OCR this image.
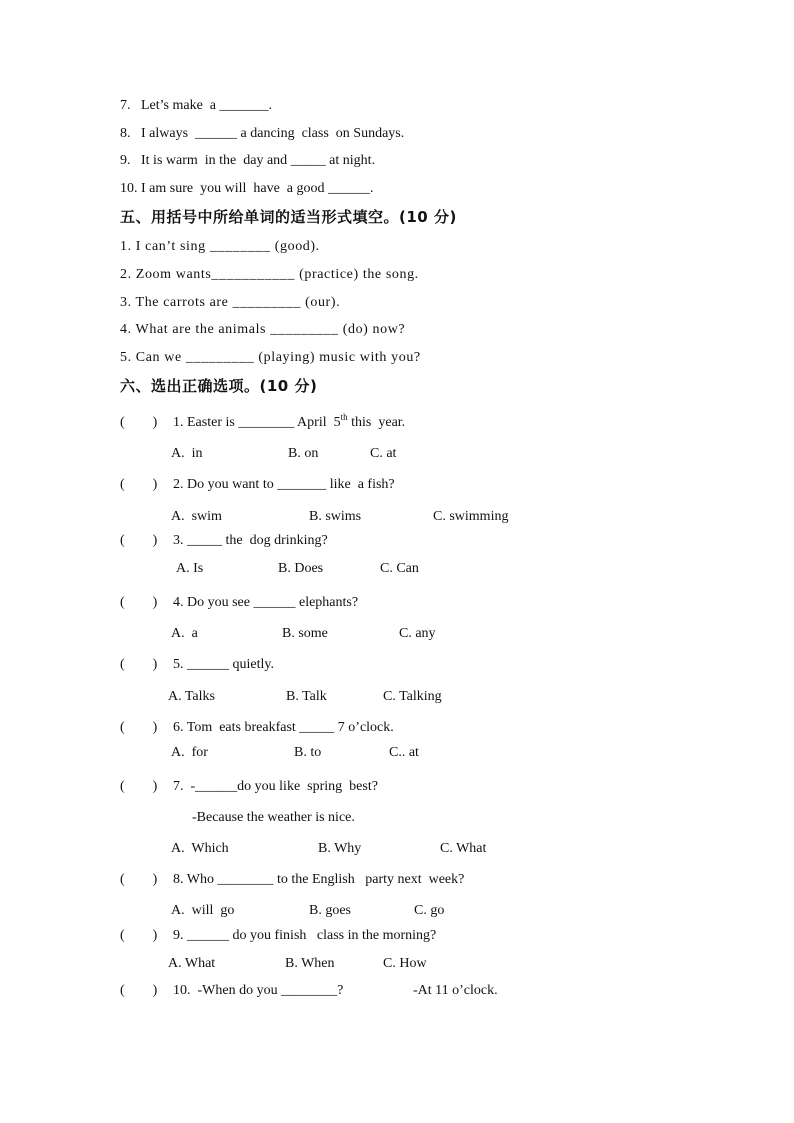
7.   Let’s make  a _______.
8.   I always  ______ a dancing  class  on Sundays.
9.   It is warm  in the  day and _____ at night.
10. I am sure  you will  have  a good ______.
五、用括号中所给单词的适当形式填空。(10 分)
1. I can’t sing ________ (good).
2. Zoom wants___________ (practice) the song.
3. The carrots are _________ (our).
4. What are the animals _________ (do) now?
5. Can we _________ (playing) music with you?
六、选出正确选项。(10 分)
(        ) 1. Easter is ________ April  5th this  year.
A.  in	B. on	C. at
(        ) 2. Do you want to _______ like  a fish?
A.  swim	B. swims	C. swimming
(        ) 3. _____ the  dog drinking?
A. Is	B. Does	C. Can
(        ) 4. Do you see ______ elephants?
A.  a	B. some	C. any
(        ) 5. ______ quietly.
A. Talks	B. Talk	C. Talking
(        ) 6. Tom  eats breakfast _____ 7 o’clock.
A.  for	B. to	C.. at
(        ) 7.  -______do you like  spring  best?
-Because the weather is nice.
A.  Which	B. Why	C. What
(        ) 8. Who ________ to the English   party next  week?
A.  will  go	B. goes	C. go
(        ) 9. ______ do you finish   class in the morning?
A. What	B. When	C. How
(        ) 10.  -When do you ________?	-At 11 o’clock.
